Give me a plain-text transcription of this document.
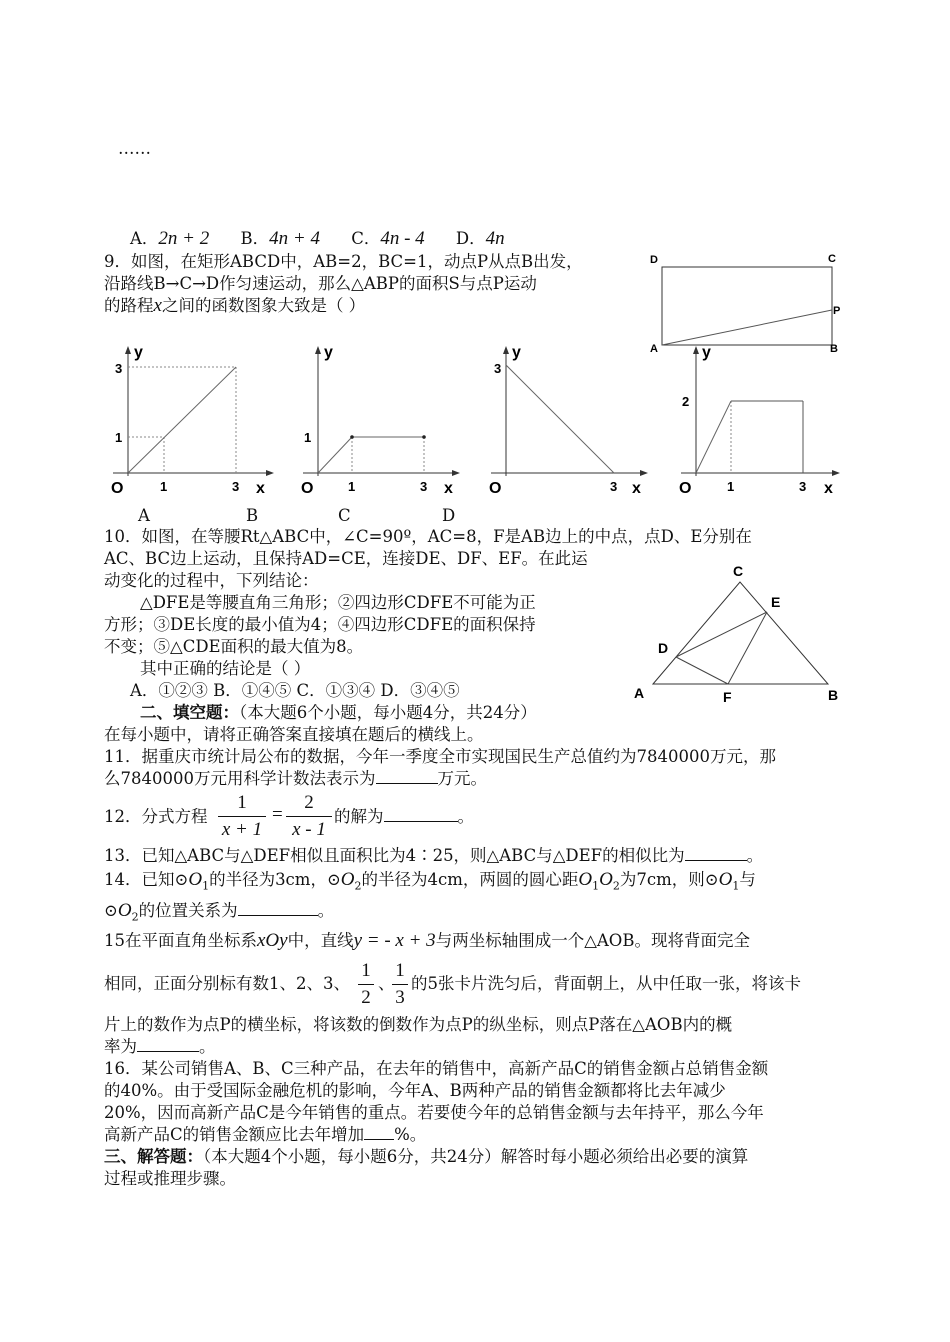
……
A．2n + 2 B．4n + 4 C．4n - 4 D．4n
9．如图，在矩形ABCD中，AB=2，BC=1，动点P从点B出发，
沿路线B→C→D作匀速运动，那么△ABP的面积S与点P运动
的路程x之间的函数图象大致是（ ）
D	C
A	B
P
y
x
O
3
1
1	3
y
x
O
1
1	3
y
x
O
3
3
y
x
O
2
1	3
A	B	C	D
10．如图，在等腰Rt△ABC中，∠C=90º，AC=8，F是AB边上的中点，点D、E分别在
AC、BC边上运动，且保持AD=CE，连接DE、DF、EF。在此运
动变化的过程中，下列结论：
△DFE是等腰直角三角形；②四边形CDFE不可能为正
方形；③DE长度的最小值为4；④四边形CDFE的面积保持
不变；⑤△CDE面积的最大值为8。
其中正确的结论是（ ）
A．①②③ B．①④⑤ C．①③④ D．③④⑤
C
E
D
A	F	B
二、填空题：（本大题6个小题，每小题4分，共24分）
在每小题中，请将正确答案直接填在题后的横线上。
11．据重庆市统计局公布的数据，今年一季度全市实现国民生产总值约为7840000万元，那
么7840000万元用科学计数法表示为	万元。
12．分式方程
1
x + 1
=
2
x - 1
的解为	。
13．已知△ABC与△DEF相似且面积比为4∶25，则△ABC与△DEF的相似比为	。
14．已知$⊙O_1$的半径为3cm，$⊙O_2$的半径为4cm，两圆的圆心距$O_1O_2$为7cm，则$⊙O_1$与
$⊙O_2$的位置关系为	。
15在平面直角坐标系xOy中，直线y = - x + 3与两坐标轴围成一个△AOB。现将背面完全
相同，正面分别标有数1、2、3、
1
2
、
1
3
的5张卡片洗匀后，背面朝上，从中任取一张，将该卡
片上的数作为点P的横坐标，将该数的倒数作为点P的纵坐标，则点P落在△AOB内的概
率为	。
16．某公司销售A、B、C三种产品，在去年的销售中，高新产品C的销售金额占总销售金额
的40%。由于受国际金融危机的影响，今年A、B两种产品的销售金额都将比去年减少
20%，因而高新产品C是今年销售的重点。若要使今年的总销售金额与去年持平，那么今年
高新产品C的销售金额应比去年增加 %。
三、解答题：（本大题4个小题，每小题6分，共24分）解答时每小题必须给出必要的演算
过程或推理步骤。
